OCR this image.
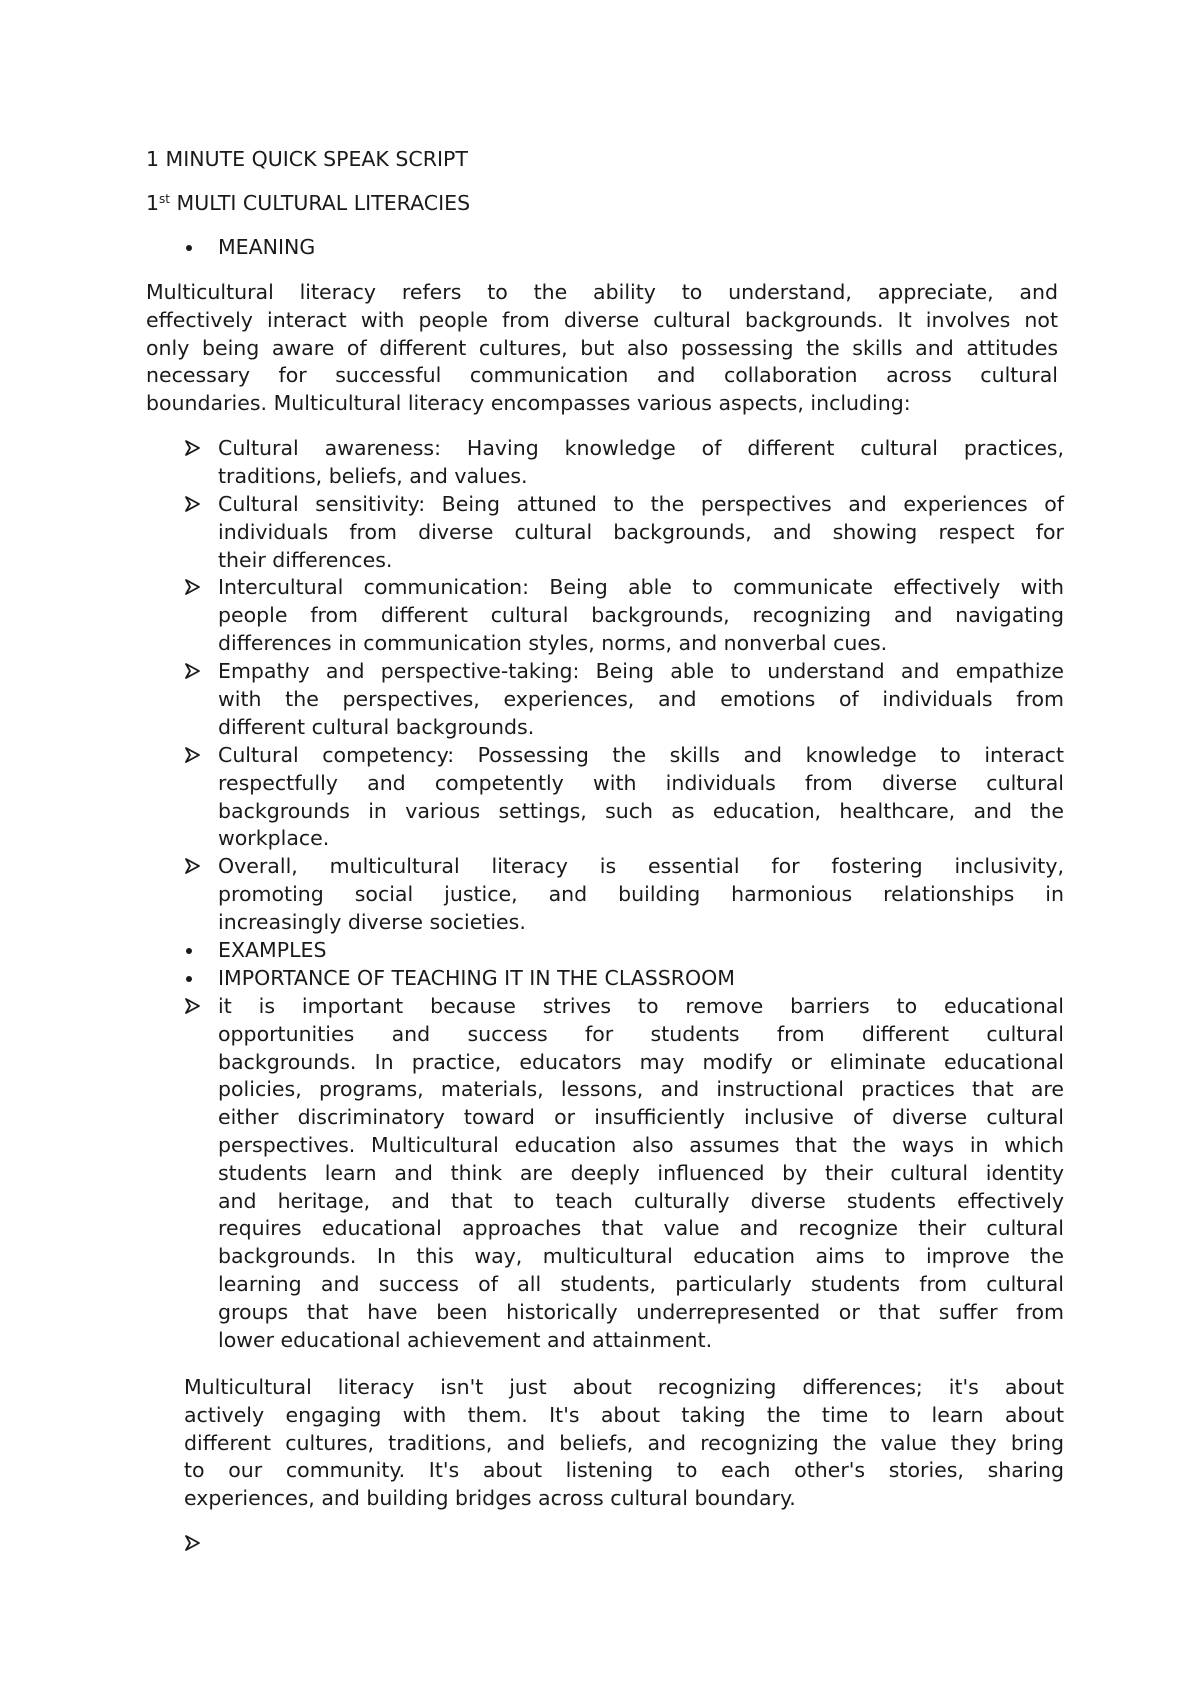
1 MINUTE QUICK SPEAK SCRIPT
1st MULTI CULTURAL LITERACIES
MEANING
Multicultural literacy refers to the ability to understand, appreciate, and
effectively interact with people from diverse cultural backgrounds. It involves not
only being aware of different cultures, but also possessing the skills and attitudes
necessary for successful communication and collaboration across cultural
boundaries. Multicultural literacy encompasses various aspects, including:
Cultural awareness: Having knowledge of different cultural practices,
traditions, beliefs, and values.
Cultural sensitivity: Being attuned to the perspectives and experiences of
individuals from diverse cultural backgrounds, and showing respect for
their differences.
Intercultural communication: Being able to communicate effectively with
people from different cultural backgrounds, recognizing and navigating
differences in communication styles, norms, and nonverbal cues.
Empathy and perspective-taking: Being able to understand and empathize
with the perspectives, experiences, and emotions of individuals from
different cultural backgrounds.
Cultural competency: Possessing the skills and knowledge to interact
respectfully and competently with individuals from diverse cultural
backgrounds in various settings, such as education, healthcare, and the
workplace.
Overall, multicultural literacy is essential for fostering inclusivity,
promoting social justice, and building harmonious relationships in
increasingly diverse societies.
EXAMPLES
IMPORTANCE OF TEACHING IT IN THE CLASSROOM
it is important because strives to remove barriers to educational
opportunities and success for students from different cultural
backgrounds. In practice, educators may modify or eliminate educational
policies, programs, materials, lessons, and instructional practices that are
either discriminatory toward or insufficiently inclusive of diverse cultural
perspectives. Multicultural education also assumes that the ways in which
students learn and think are deeply influenced by their cultural identity
and heritage, and that to teach culturally diverse students effectively
requires educational approaches that value and recognize their cultural
backgrounds. In this way, multicultural education aims to improve the
learning and success of all students, particularly students from cultural
groups that have been historically underrepresented or that suffer from
lower educational achievement and attainment.
Multicultural literacy isn't just about recognizing differences; it's about
actively engaging with them. It's about taking the time to learn about
different cultures, traditions, and beliefs, and recognizing the value they bring
to our community. It's about listening to each other's stories, sharing
experiences, and building bridges across cultural boundary.
